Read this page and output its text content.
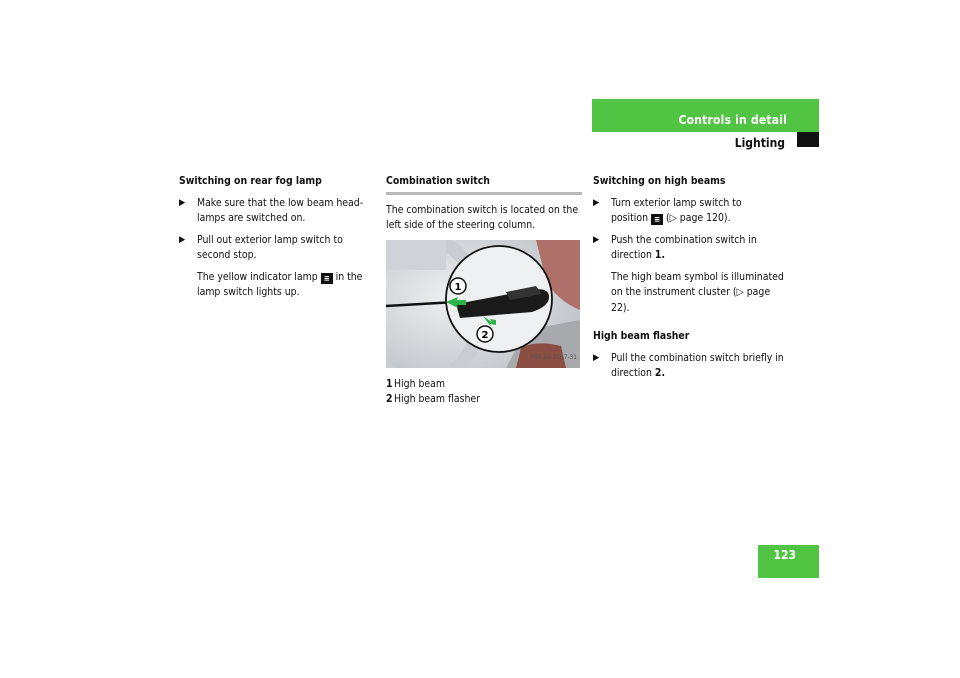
Controls in detail
Lighting
123
Switching on rear fog lamp
▶ Make sure that the low beam head-lamps are switched on.
▶ Pull out exterior lamp switch to second stop.
The yellow indicator lamp ≡ in the lamp switch lights up.
Combination switch

The combination switch is located on the left side of the steering column.

1
2
P54.25-3117-31
1High beam
2High beam flasher
Switching on high beams
▶ Turn exterior lamp switch to
position ≡ (▷ page 120).
▶ Push the combination switch in direction 1.
The high beam symbol is illuminated on the instrument cluster (▷ page 22).
High beam flasher
▶ Pull the combination switch briefly in direction 2.
